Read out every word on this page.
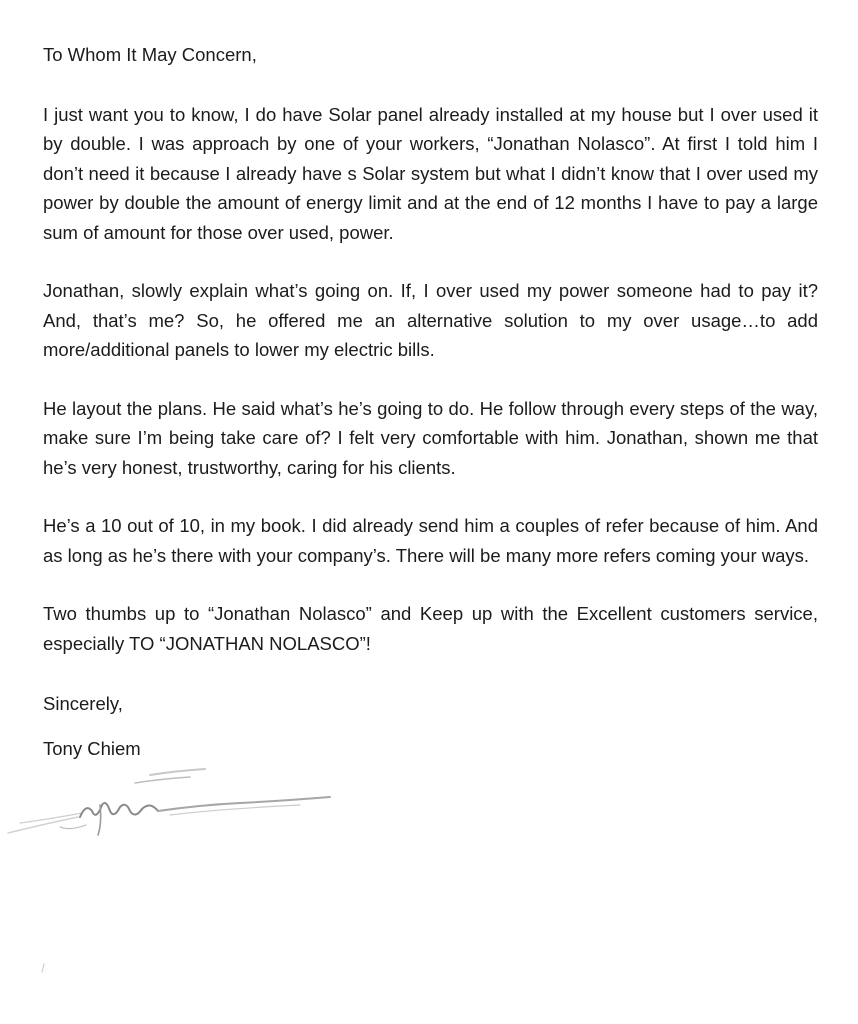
To Whom It May Concern,

I just want you to know, I do have Solar panel already installed at my house but I over used it by double. I was approach by one of your workers, “Jonathan Nolasco”. At first I told him I don’t need it because I already have s Solar system but what I didn’t know that I over used my power by double the amount of energy limit and at the end of 12 months I have to pay a large sum of amount for those over used, power.

Jonathan, slowly explain what’s going on. If, I over used my power someone had to pay it? And, that’s me? So, he offered me an alternative solution to my over usage…to add more/additional panels to lower my electric bills.

He layout the plans. He said what’s he’s going to do. He follow through every steps of the way, make sure I’m being take care of? I felt very comfortable with him. Jonathan, shown me that he’s very honest, trustworthy, caring for his clients.

He’s a 10 out of 10, in my book. I did already send him a couples of refer because of him. And as long as he’s there with your company’s. There will be many more refers coming your ways.

Two thumbs up to “Jonathan Nolasco” and Keep up with the Excellent customers service, especially TO “JONATHAN NOLASCO”!

Sincerely,

Tony Chiem
